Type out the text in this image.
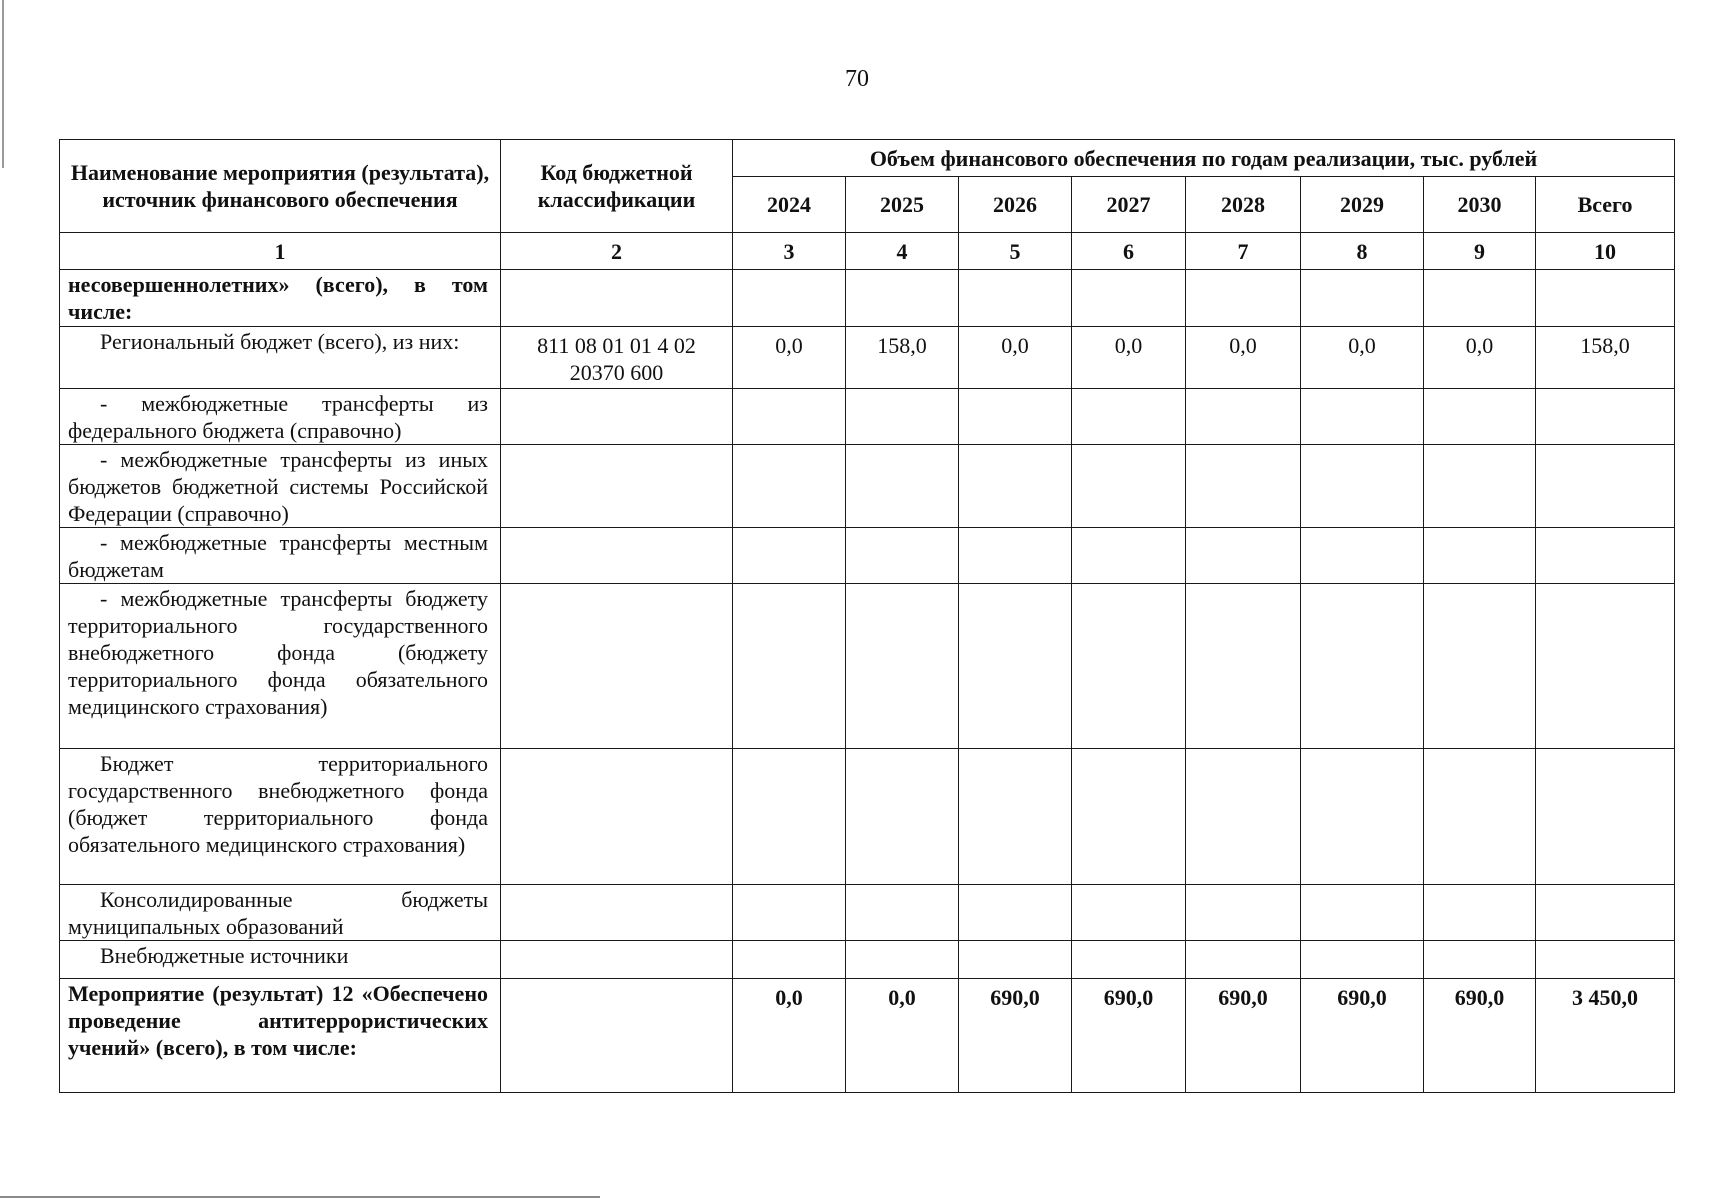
70
Наименование мероприятия (результата), источник финансового обеспечения	Код бюджетной классификации	Объем финансового обеспечения по годам реализации, тыс. рублей							
		2024	2025	2026	2027	2028	2029	2030	Всего
1	2	3	4	5	6	7	8	9	10

несовершеннолетних» (всего), в том числе:									

Региональный бюджет (всего), из них:	811 08 01 01 4 02 20370 600	0,0	158,0	0,0	0,0	0,0	0,0	0,0	158,0

- межбюджетные трансферты из федерального бюджета (справочно)									

- межбюджетные трансферты из иных бюджетов бюджетной системы Российской Федерации (справочно)									

- межбюджетные трансферты местным бюджетам									

- межбюджетные трансферты бюджету территориального государственного внебюджетного фонда (бюджету территориального фонда обязательного медицинского страхования)									

Бюджет территориального государственного внебюджетного фонда (бюджет территориального фонда обязательного медицинского страхования)									

Консолидированные бюджеты муниципальных образований									

Внебюджетные источники									

Мероприятие (результат) 12 «Обеспечено проведение антитеррористических учений» (всего), в том числе:		0,0	0,0	690,0	690,0	690,0	690,0	690,0	3 450,0
